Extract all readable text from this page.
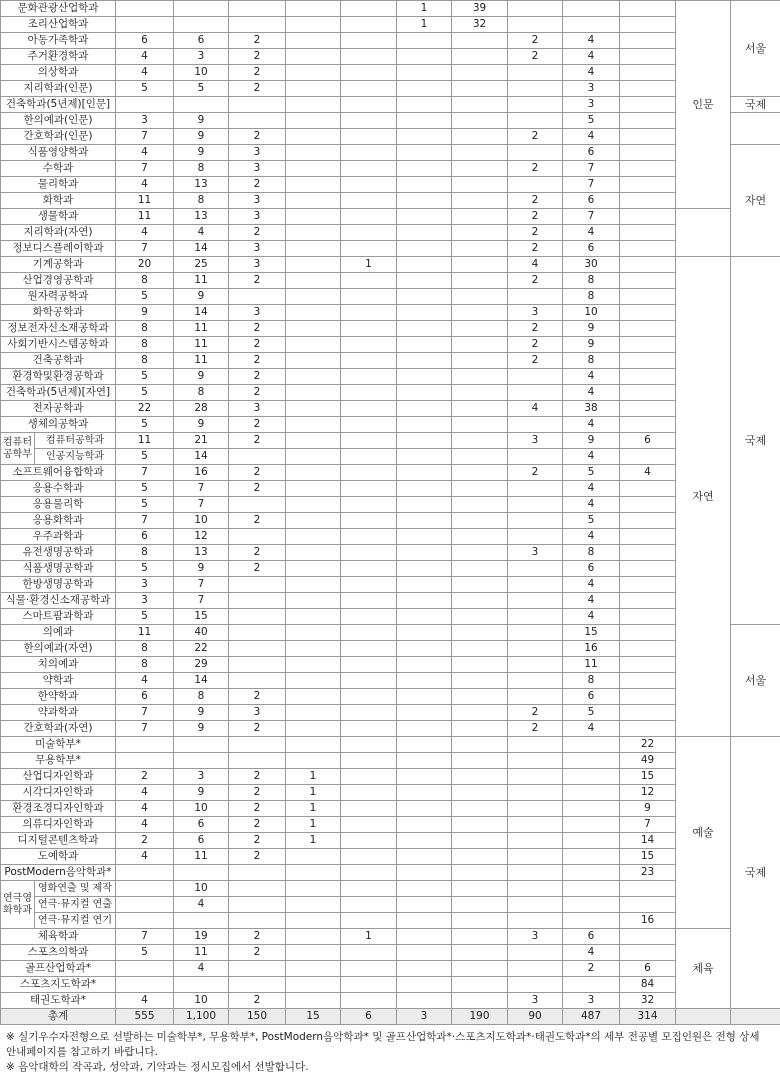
문화관광산업학과							1	39				인문	서울	
조리산업학과							1	32						
아동가족학과		6	6	2					2	4				
주거환경학과		4	3	2					2	4				
의상학과		4	10	2						4				
지리학과(인문)		5	5	2						3				
건축학과(5년제)[인문]										3			국제	
한의예과(인문)		3	9							5				
간호학과(인문)		7	9	2					2	4				
식품영양학과		4	9	3						6			자연	
수학과		7	8	3					2	7				
물리학과		4	13	2						7				
화학과		11	8	3					2	6				
생물학과		11	13	3					2	7				
지리학과(자연)		4	4	2					2	4				
정보디스플레이학과		7	14	3					2	6				
기계공학과		20	25	3		1			4	30		자연	국제	
산업경영공학과		8	11	2					2	8				
원자력공학과		5	9							8				
화학공학과		9	14	3					3	10				
정보전자신소재공학과		8	11	2					2	9				
사회기반시스템공학과		8	11	2					2	9				
건축공학과		8	11	2					2	8				
환경학및환경공학과		5	9	2						4				
건축학과(5년제)[자연]		5	8	2						4				
전자공학과		22	28	3					4	38				
생체의공학과		5	9	2						4				
컴퓨터공학부	컴퓨터공학과	11	21	2					3	9	6			
	인공지능학과	5	14							4				
소프트웨어융합학과		7	16	2					2	5	4			
응용수학과		5	7	2						4				
응용물리학		5	7							4				
응용화학과		7	10	2						5				
우주과학과		6	12							4				
유전생명공학과		8	13	2					3	8				
식품생명공학과		5	9	2						6				
한방생명공학과		3	7							4				
식물·환경신소재공학과		3	7							4				
스마트팜과학과		5	15							4				
의예과		11	40							15			서울	
한의예과(자연)		8	22							16				
치의예과		8	29							11				
약학과		4	14							8				
한약학과		6	8	2						6				
약과학과		7	9	3					2	5				
간호학과(자연)		7	9	2					2	4				
미술학부*											22	예술	국제	
무용학부*											49			
산업디자인학과		2	3	2	1						15			
시각디자인학과		4	9	2	1						12			
환경조경디자인학과		4	10	2	1						9			
의류디자인학과		4	6	2	1						7			
디지털콘텐츠학과		2	6	2	1						14			
도예학과		4	11	2							15			
PostModern음악학과*											23			
연극영화학과	영화연출 및 제작		10											
	연극·뮤지컬 연출		4											
	연극·뮤지컬 연기										16			
체육학과		7	19	2		1			3	6		체육		
스포츠의학과		5	11	2						4				
골프산업학과*			4							2	6			
스포츠지도학과*											84			
태권도학과*		4	10	2					3	3	32			
총계		555	1,100	150	15	6	3	190	90	487	314			
※ 실기우수자전형으로 선발하는 미술학부*, 무용학부*, PostModern음악학과* 및 골프산업학과*·스포츠지도학과*·태권도학과*의 세부 전공별 모집인원은 전형 상세
안내페이지를 참고하기 바랍니다.
※ 음악대학의 작곡과, 성악과, 기악과는 정시모집에서 선발합니다.
